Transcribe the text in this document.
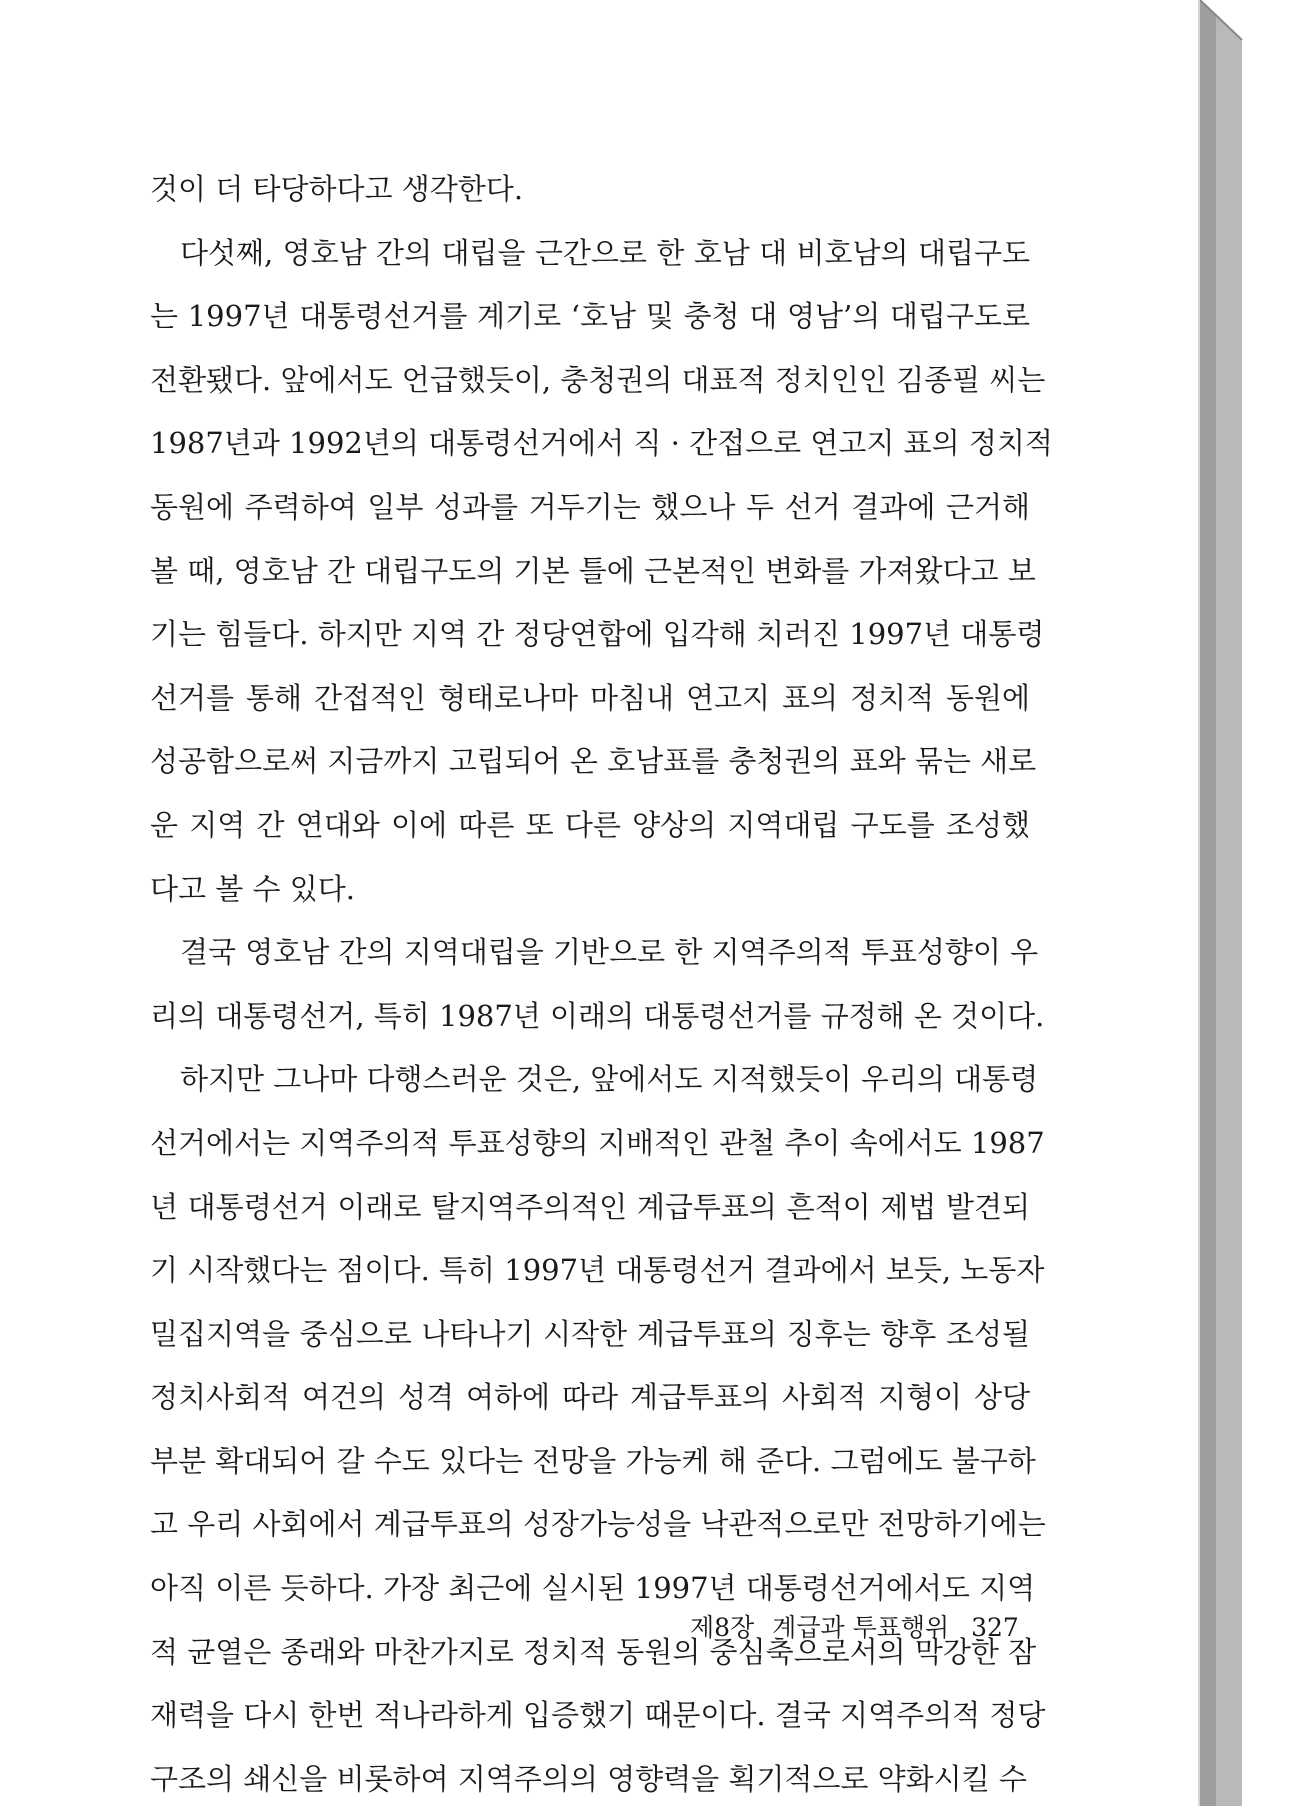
것이 더 타당하다고 생각한다.
다섯째, 영호남 간의 대립을 근간으로 한 호남 대 비호남의 대립구도
는 1997년 대통령선거를 계기로 ‘호남 및 충청 대 영남’의 대립구도로
전환됐다. 앞에서도 언급했듯이, 충청권의 대표적 정치인인 김종필 씨는
1987년과 1992년의 대통령선거에서 직 · 간접으로 연고지 표의 정치적
동원에 주력하여 일부 성과를 거두기는 했으나 두 선거 결과에 근거해
볼 때, 영호남 간 대립구도의 기본 틀에 근본적인 변화를 가져왔다고 보
기는 힘들다. 하지만 지역 간 정당연합에 입각해 치러진 1997년 대통령
선거를 통해 간접적인 형태로나마 마침내 연고지 표의 정치적 동원에
성공함으로써 지금까지 고립되어 온 호남표를 충청권의 표와 묶는 새로
운 지역 간 연대와 이에 따른 또 다른 양상의 지역대립 구도를 조성했
다고 볼 수 있다.
결국 영호남 간의 지역대립을 기반으로 한 지역주의적 투표성향이 우
리의 대통령선거, 특히 1987년 이래의 대통령선거를 규정해 온 것이다.
하지만 그나마 다행스러운 것은, 앞에서도 지적했듯이 우리의 대통령
선거에서는 지역주의적 투표성향의 지배적인 관철 추이 속에서도 1987
년 대통령선거 이래로 탈지역주의적인 계급투표의 흔적이 제법 발견되
기 시작했다는 점이다. 특히 1997년 대통령선거 결과에서 보듯, 노동자
밀집지역을 중심으로 나타나기 시작한 계급투표의 징후는 향후 조성될
정치사회적 여건의 성격 여하에 따라 계급투표의 사회적 지형이 상당
부분 확대되어 갈 수도 있다는 전망을 가능케 해 준다. 그럼에도 불구하
고 우리 사회에서 계급투표의 성장가능성을 낙관적으로만 전망하기에는
아직 이른 듯하다. 가장 최근에 실시된 1997년 대통령선거에서도 지역
적 균열은 종래와 마찬가지로 정치적 동원의 중심축으로서의 막강한 잠
재력을 다시 한번 적나라하게 입증했기 때문이다. 결국 지역주의적 정당
구조의 쇄신을 비롯하여 지역주의의 영향력을 획기적으로 약화시킬 수
제8장 계급과 투표행위 327
